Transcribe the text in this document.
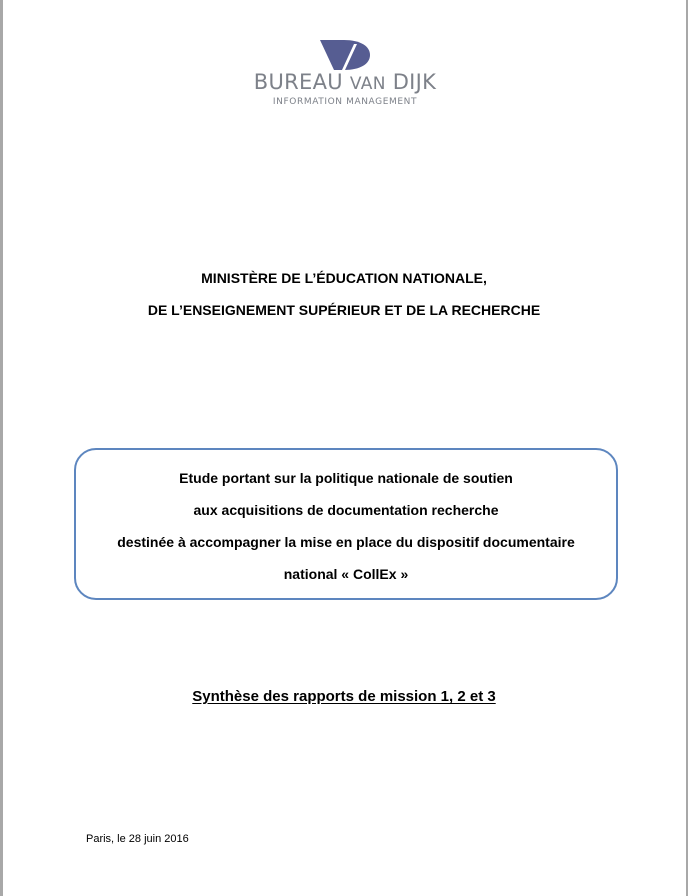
BUREAU VAN DIJK
INFORMATION MANAGEMENT
MINISTÈRE DE L’ÉDUCATION NATIONALE,
DE L’ENSEIGNEMENT SUPÉRIEUR ET DE LA RECHERCHE
Etude portant sur la politique nationale de soutien
aux acquisitions de documentation recherche
destinée à accompagner la mise en place du dispositif documentaire
national « CollEx »
Synthèse des rapports de mission 1, 2 et 3
Paris, le 28 juin 2016
